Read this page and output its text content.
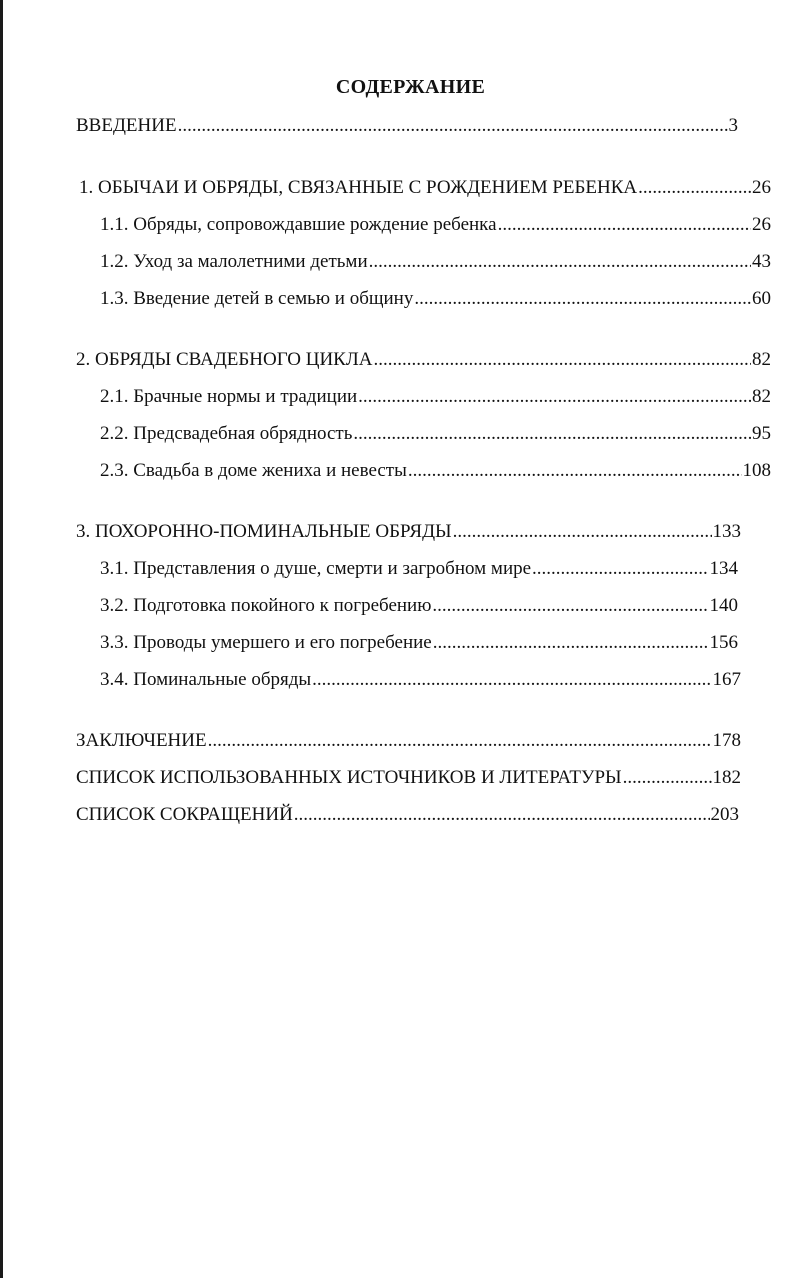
СОДЕРЖАНИЕ
ВВЕДЕНИЕ .....	3
1. ОБЫЧАИ И ОБРЯДЫ, СВЯЗАННЫЕ С РОЖДЕНИЕМ РЕБЕНКА .....	26
1.1. Обряды, сопровождавшие рождение ребенка .....	26
1.2. Уход за малолетними детьми .....	43
1.3. Введение детей в семью и общину .....	60
2. ОБРЯДЫ СВАДЕБНОГО ЦИКЛА .....	82
2.1. Брачные нормы и традиции .....	82
2.2. Предсвадебная обрядность .....	95
2.3. Свадьба в доме жениха и невесты .....	108
3. ПОХОРОННО-ПОМИНАЛЬНЫЕ ОБРЯДЫ .....	133
3.1. Представления о душе, смерти и загробном мире .....	134
3.2. Подготовка покойного к погребению .....	140
3.3. Проводы умершего и его погребение .....	156
3.4. Поминальные обряды .....	167
ЗАКЛЮЧЕНИЕ .....	178
СПИСОК ИСПОЛЬЗОВАННЫХ ИСТОЧНИКОВ И ЛИТЕРАТУРЫ .....	182
СПИСОК СОКРАЩЕНИЙ .....	203
